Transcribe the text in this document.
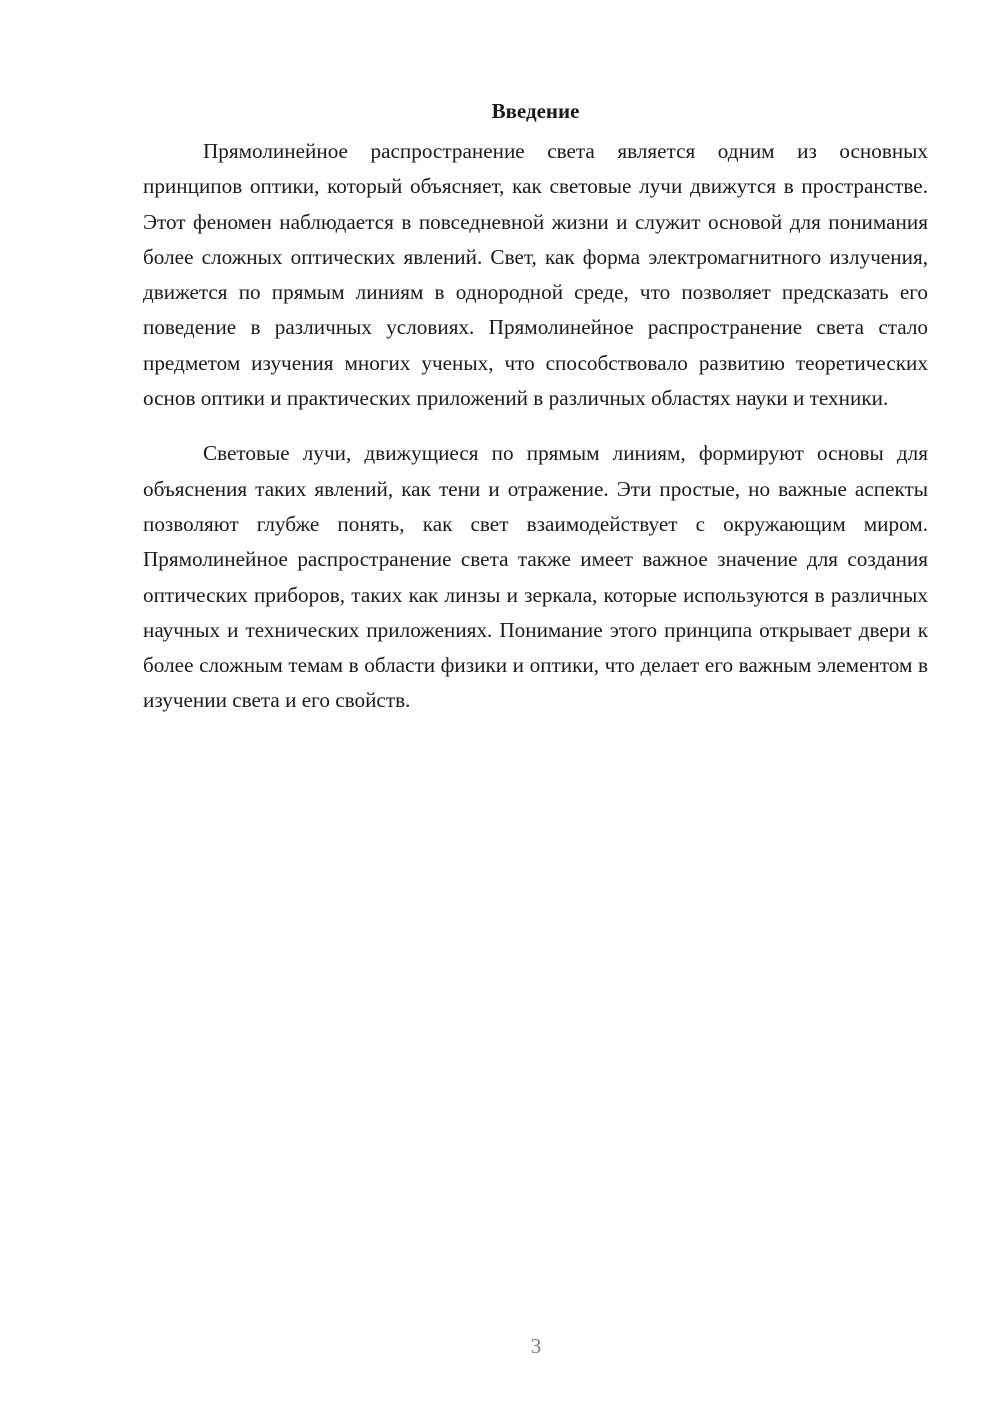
Введение

Прямолинейное распространение света является одним из основных принципов оптики, который объясняет, как световые лучи движутся в пространстве. Этот феномен наблюдается в повседневной жизни и служит основой для понимания более сложных оптических явлений. Свет, как форма электромагнитного излучения, движется по прямым линиям в однородной среде, что позволяет предсказать его поведение в различных условиях. Прямолинейное распространение света стало предметом изучения многих ученых, что способствовало развитию теоретических основ оптики и практических приложений в различных областях науки и техники.

Световые лучи, движущиеся по прямым линиям, формируют основы для объяснения таких явлений, как тени и отражение. Эти простые, но важные аспекты позволяют глубже понять, как свет взаимодействует с окружающим миром. Прямолинейное распространение света также имеет важное значение для создания оптических приборов, таких как линзы и зеркала, которые используются в различных научных и технических приложениях. Понимание этого принципа открывает двери к более сложным темам в области физики и оптики, что делает его важным элементом в изучении света и его свойств.

3
